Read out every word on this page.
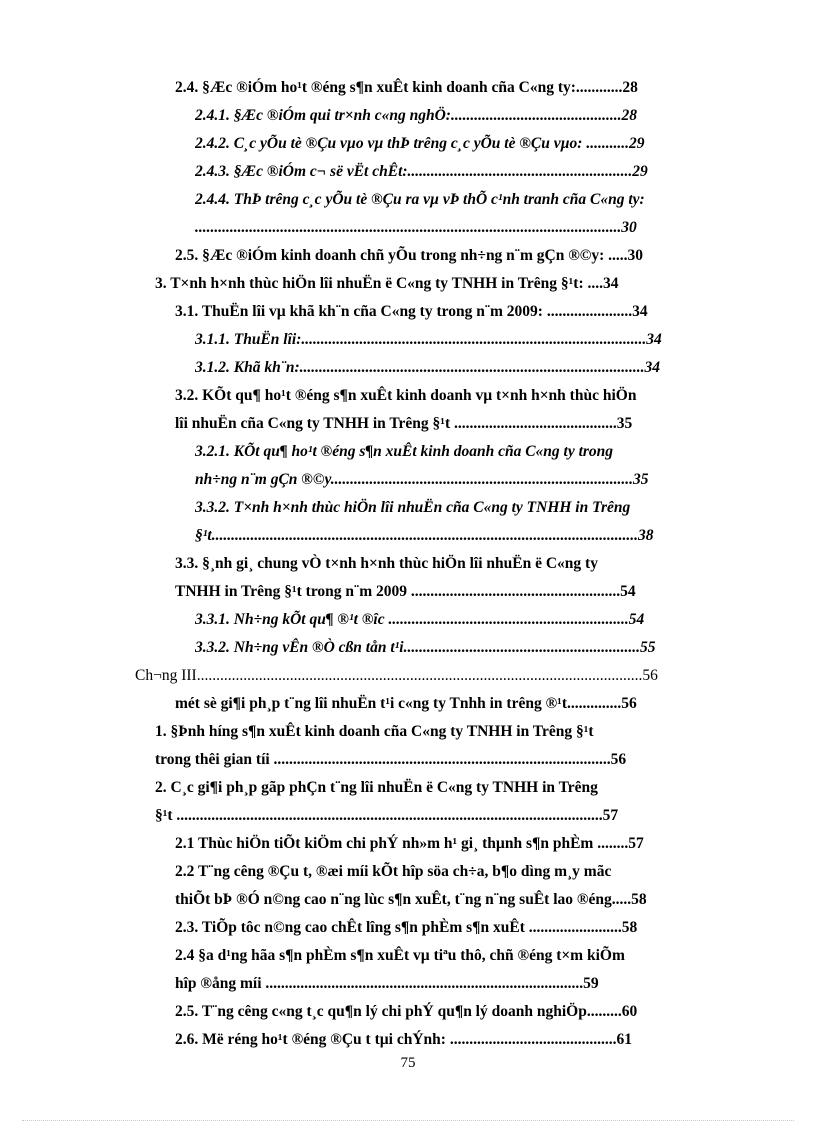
2.4. §Æc ®iÓm ho¹t ®éng s¶n xuÊt kinh doanh cña C«ng ty:............28
2.4.1. §Æc ®iÓm qui tr×nh c«ng nghÖ:............................................28
2.4.2. C¸c yÕu tè ®Çu vµo vµ thÞ trêng c¸c yÕu tè ®Çu vµo: ...........29
2.4.3. §Æc ®iÓm c¬ së vËt chÊt:..........................................................29
2.4.4. ThÞ trêng c¸c yÕu tè ®Çu ra vµ vÞ thÕ c¹nh tranh cña C«ng ty:
..............................................................................................................30
2.5. §Æc ®iÓm kinh doanh chñ yÕu trong nh÷ng n¨m gÇn ®©y: .....30
3. T×nh h×nh thùc hiÖn lîi nhuËn ë C«ng ty TNHH in Trêng §¹t: ....34
3.1. ThuËn lîi vµ khã kh¨n cña C«ng ty trong n¨m 2009: ......................34
3.1.1. ThuËn lîi:.........................................................................................34
3.1.2. Khã kh¨n:.........................................................................................34
3.2. KÕt qu¶ ho¹t ®éng s¶n xuÊt kinh doanh vµ t×nh h×nh thùc hiÖn
lîi nhuËn cña C«ng ty TNHH in Trêng §¹t ..........................................35
3.2.1. KÕt qu¶ ho¹t ®éng s¶n xuÊt kinh doanh cña C«ng ty trong
nh÷ng n¨m gÇn ®©y..............................................................................35
3.3.2. T×nh h×nh thùc hiÖn lîi nhuËn cña C«ng ty TNHH in Trêng
§¹t..............................................................................................................38
3.3. §¸nh gi¸ chung vÒ t×nh h×nh thùc hiÖn lîi nhuËn ë C«ng ty
TNHH in Trêng §¹t trong n¨m 2009 ......................................................54
3.3.1. Nh÷ng kÕt qu¶ ®¹t ®îc ..............................................................54
3.3.2. Nh÷ng vÊn ®Ò cßn tån t¹i.............................................................55
Ch¬ng III...................................................................................................................56
mét sè gi¶i ph¸p t¨ng lîi nhuËn t¹i c«ng ty Tnhh in trêng ®¹t..............56
1. §Þnh híng s¶n xuÊt kinh doanh cña C«ng ty TNHH in Trêng §¹t
trong thêi gian tíi .......................................................................................56
2. C¸c gi¶i ph¸p gãp phÇn t¨ng lîi nhuËn ë C«ng ty TNHH in Trêng
§¹t ..............................................................................................................57
2.1 Thùc hiÖn tiÕt kiÖm chi phÝ nh»m h¹ gi¸ thµnh s¶n phÈm ........57
2.2 T¨ng cêng ®Çu t, ®æi míi kÕt hîp söa ch÷a, b¶o dìng m¸y mãc
thiÕt bÞ ®Ó n©ng cao n¨ng lùc s¶n xuÊt, t¨ng n¨ng suÊt lao ®éng.....58
2.3. TiÕp tôc n©ng cao chÊt lîng s¶n phÈm s¶n xuÊt ........................58
2.4 §a d¹ng hãa s¶n phÈm s¶n xuÊt vµ tiªu thô, chñ ®éng t×m kiÕm
hîp ®ång míi ..................................................................................59
2.5. T¨ng cêng c«ng t¸c qu¶n lý chi phÝ qu¶n lý doanh nghiÖp.........60
2.6. Më réng ho¹t ®éng ®Çu t tµi chÝnh: ...........................................61
75
